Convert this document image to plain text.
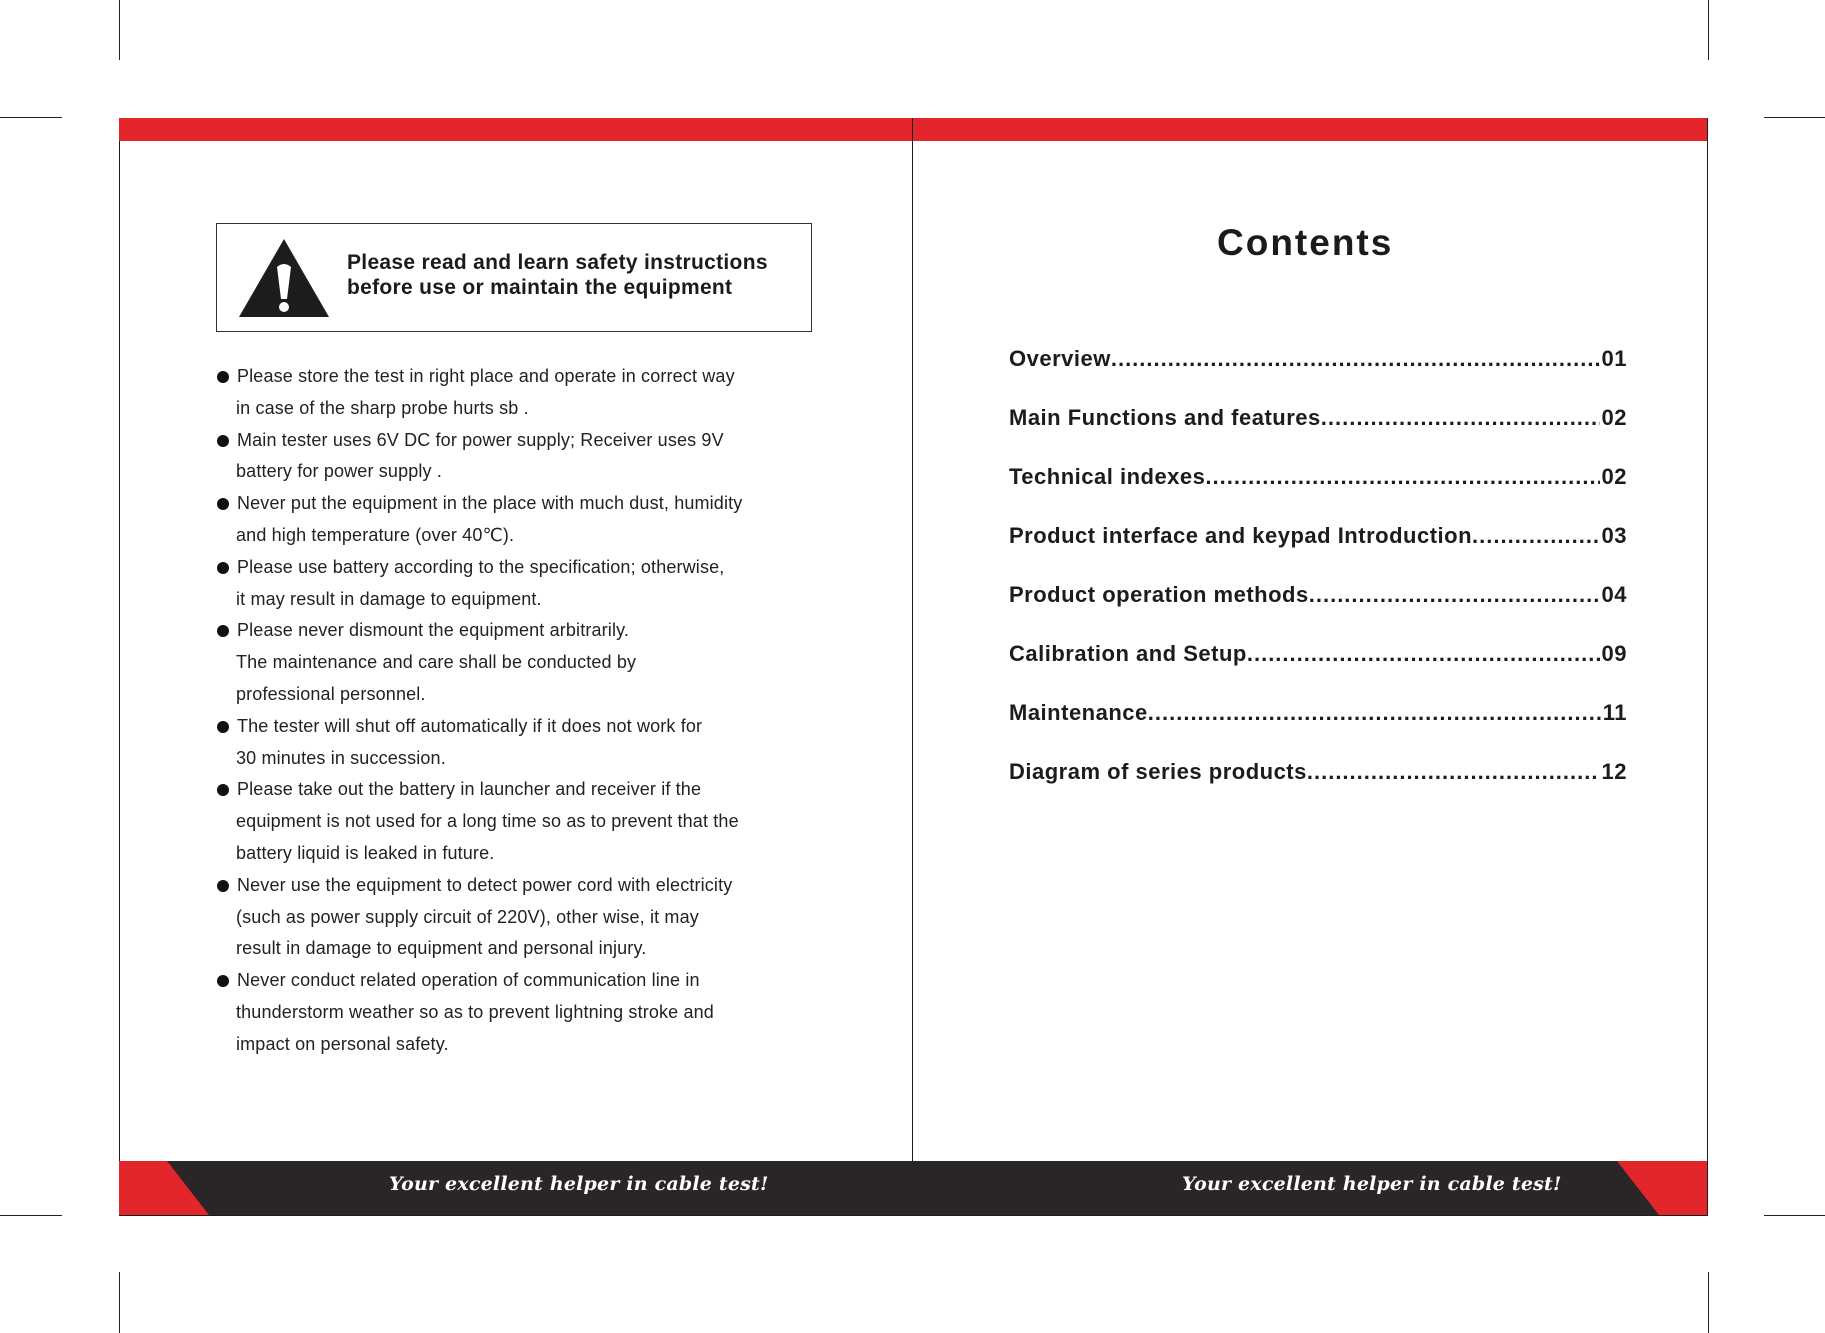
Please read and learn safety instructions
before use or maintain the equipment
Please store the test in right place and operate in correct way
in case of the sharp probe hurts sb .
Main tester uses 6V DC for power supply; Receiver uses 9V
battery for power supply .
Never put the equipment in the place with much dust, humidity
and high temperature (over 40℃).
Please use battery according to the specification; otherwise,
it may result in damage to equipment.
Please never dismount the equipment arbitrarily.
The maintenance and care shall be conducted by
professional personnel.
The tester will shut off automatically if it does not work for
30 minutes in succession.
Please take out the battery in launcher and receiver if the
equipment is not used for a long time so as to prevent that the
battery liquid is leaked in future.
Never use the equipment to detect power cord with electricity
(such as power supply circuit of 220V), other wise, it may
result in damage to equipment and personal injury.
Never conduct related operation of communication line in
thunderstorm weather so as to prevent lightning stroke and
impact on personal safety.
Contents
Overview .....	01
Main Functions and features .....	02
Technical indexes .....	02
Product interface and keypad Introduction .....	03
Product operation methods .....	04
Calibration and Setup .....	09
Maintenance .....	11
Diagram of series products .....	12
Your excellent helper in cable test!	Your excellent helper in cable test!
